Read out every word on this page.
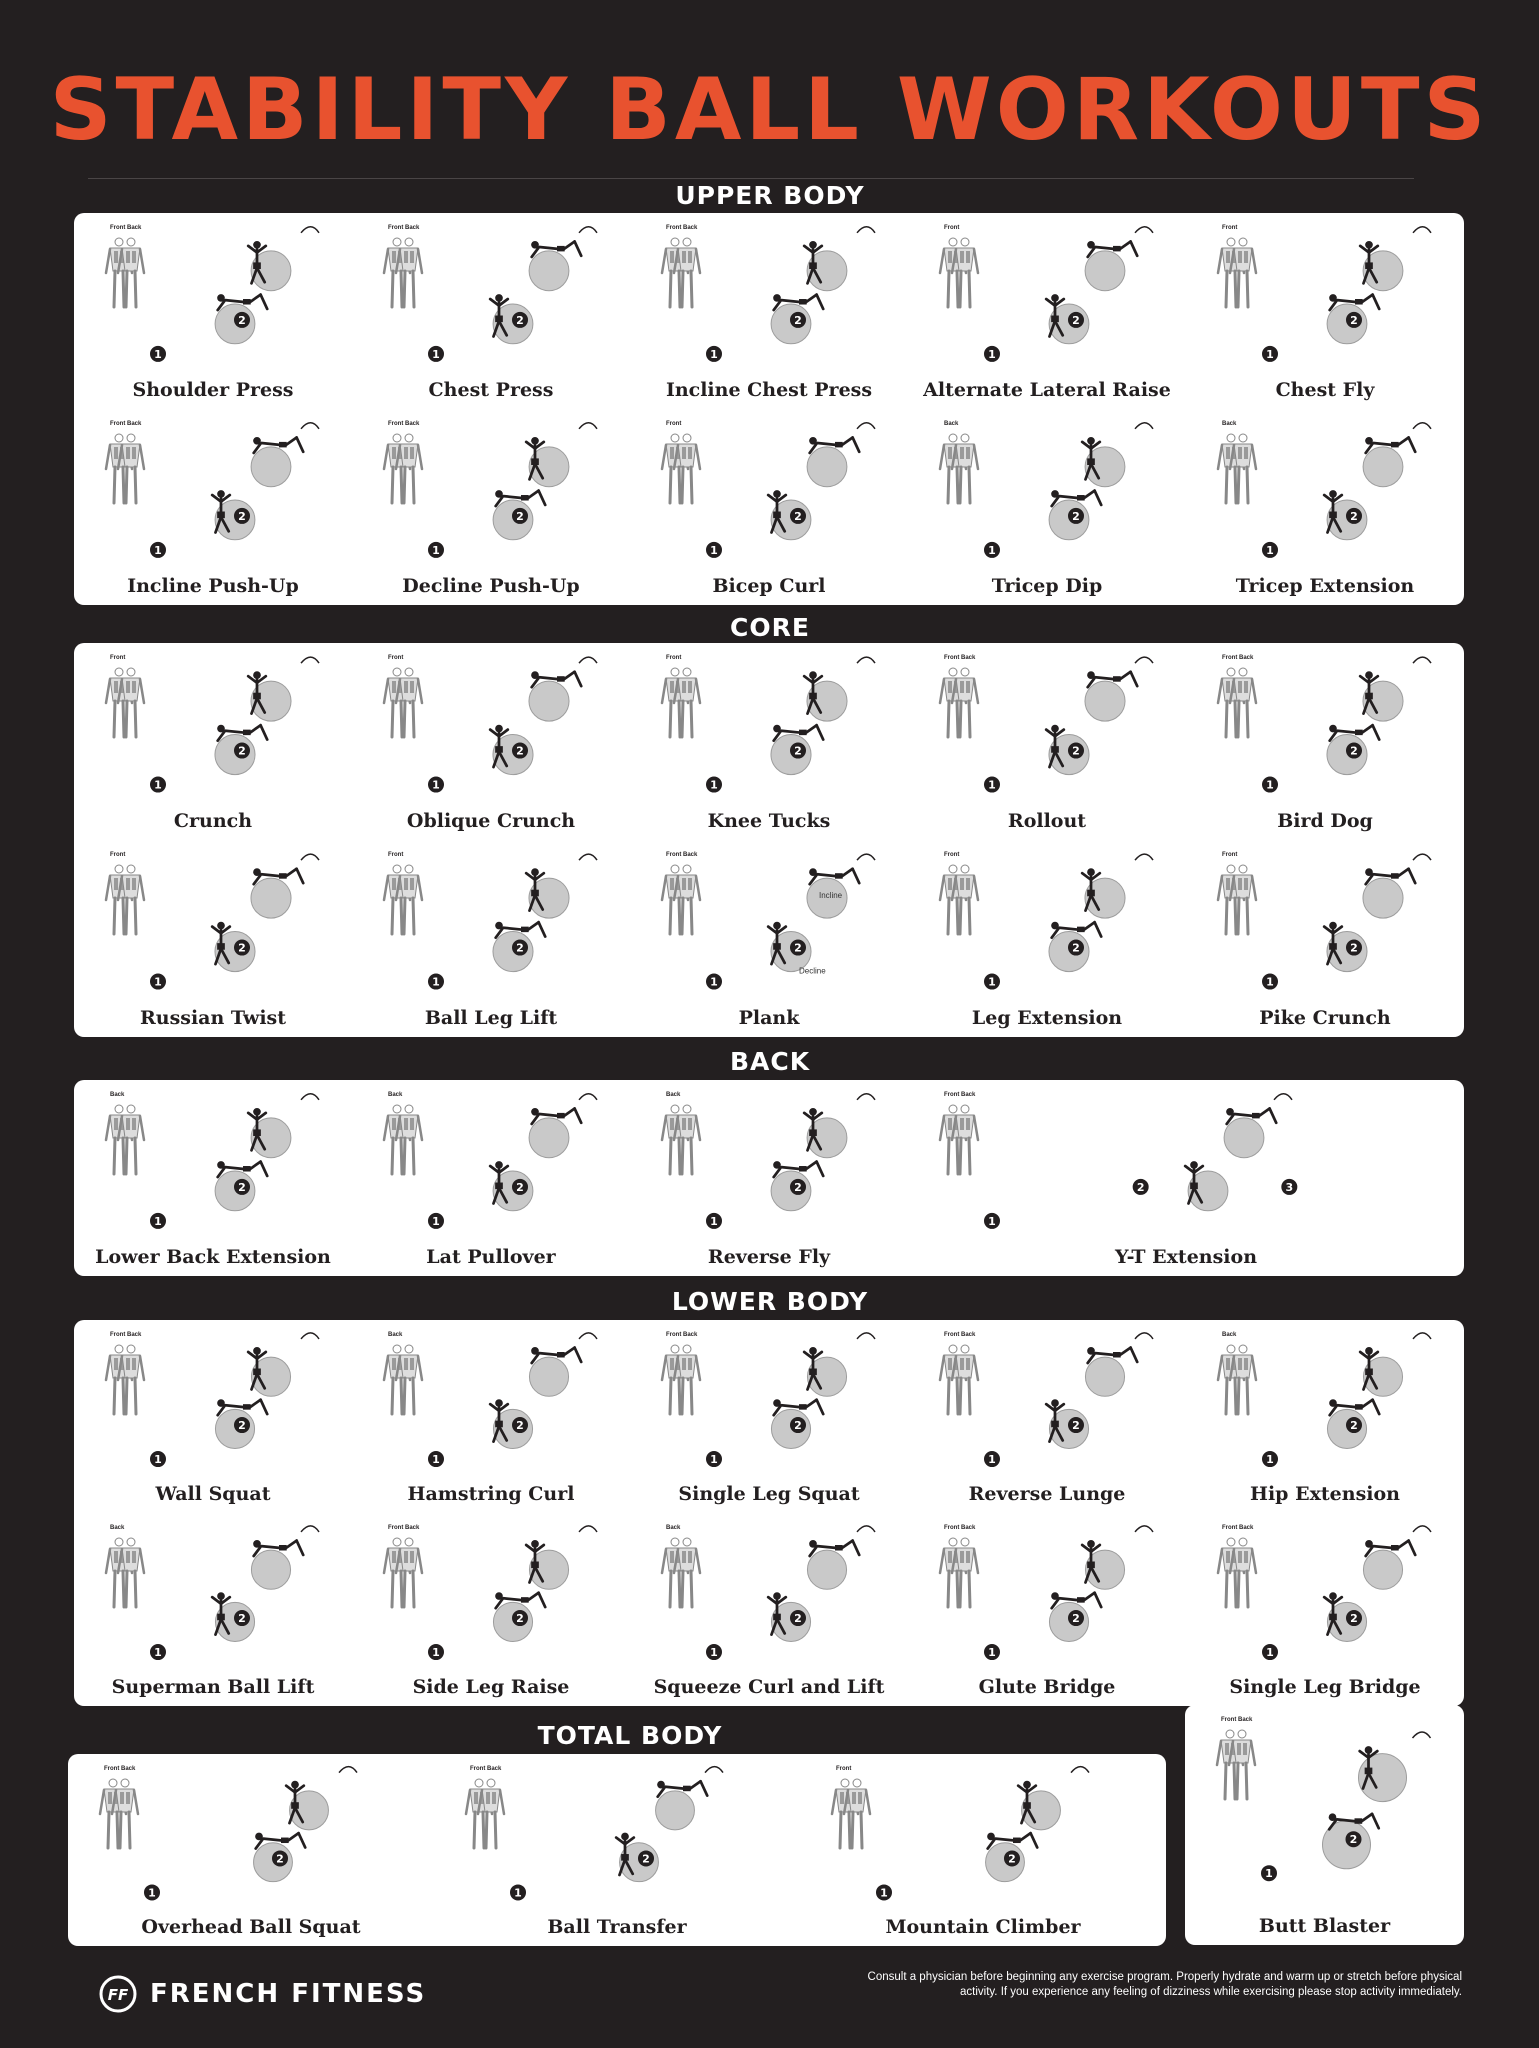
STABILITY BALL WORKOUTS
UPPER BODY
Front Back
1
2
Shoulder Press
Front Back
1
2
Chest Press
Front Back
1
2
Incline Chest Press
Front
1
2
Alternate Lateral Raise
Front
1
2
Chest Fly
Front Back
1
2
Incline Push-Up
Front Back
1
2
Decline Push-Up
Front
1
2
Bicep Curl
Back
1
2
Tricep Dip
Back
1
2
Tricep Extension
CORE
Front
1
2
Crunch
Front
1
2
Oblique Crunch
Front
1
2
Knee Tucks
Front Back
1
2
Rollout
Front Back
1
2
Bird Dog
Front
1
2
Russian Twist
Front
1
2
Ball Leg Lift
Front Back
1
2
Incline
Decline
Plank
Front
1
2
Leg Extension
Front
1
2
Pike Crunch
BACK
Back
1
2
Lower Back Extension
Back
1
2
Lat Pullover
Back
1
2
Reverse Fly
Front Back
1
2	3
Y-T Extension
LOWER BODY
Front Back
1
2
Wall Squat
Back
1
2
Hamstring Curl
Front Back
1
2
Single Leg Squat
Front Back
1
2
Reverse Lunge
Back
1
2
Hip Extension
Back
1
2
Superman Ball Lift
Front Back
1
2
Side Leg Raise
Back
1
2
Squeeze Curl and Lift
Front Back
1
2
Glute Bridge
Front Back
1
2
Single Leg Bridge
TOTAL BODY
Front Back
1
2
Overhead Ball Squat
Front Back
1
2
Ball Transfer
Front
1
2
Mountain Climber
Front Back
1
2
Butt Blaster
FF FRENCH FITNESS
Consult a physician before beginning any exercise program. Properly hydrate and warm up or stretch before physical activity. If you experience any feeling of dizziness while exercising please stop activity immediately.
